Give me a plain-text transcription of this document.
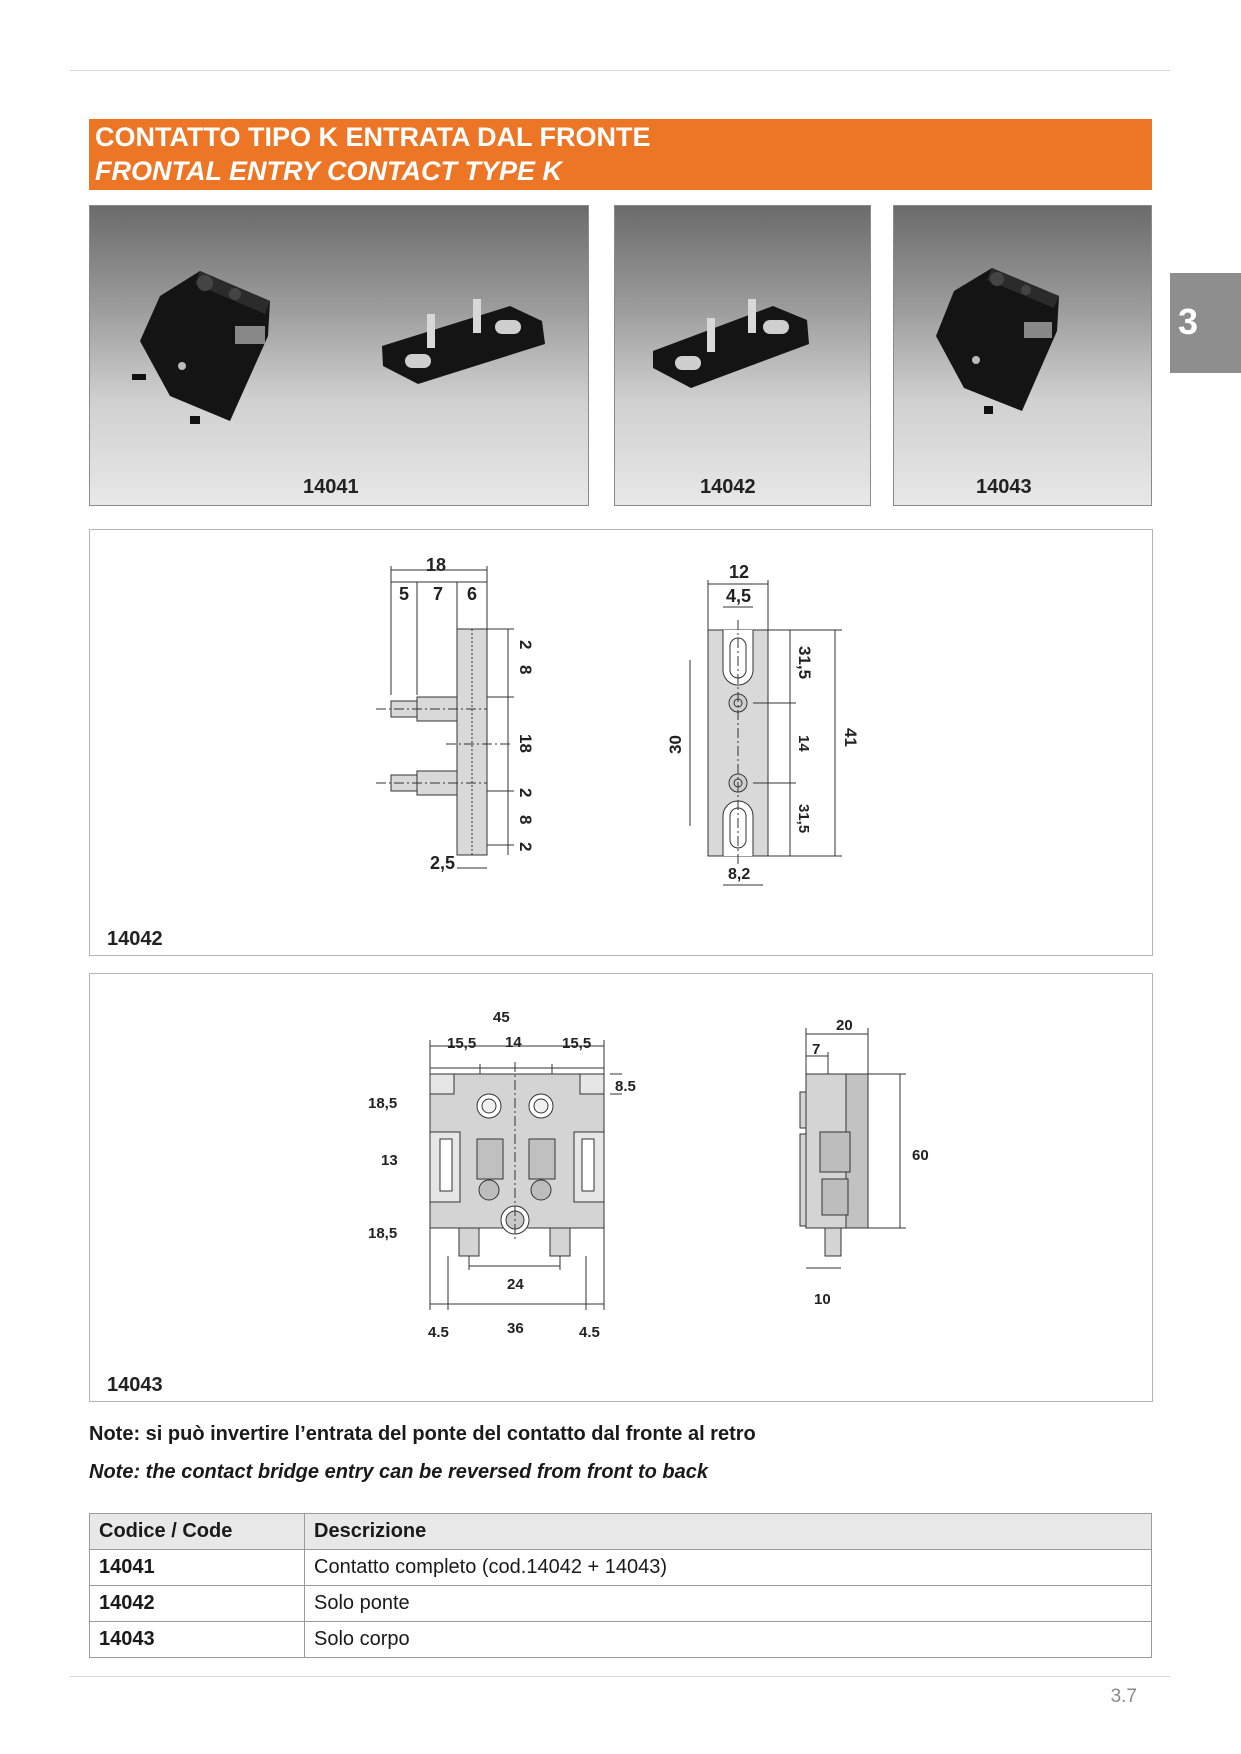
CONTATTO TIPO K ENTRATA DAL FRONTE
FRONTAL ENTRY CONTACT TYPE K
3
14041	14042	14043
18
5 7 6
2
8
18
2
8
2
2,5
12
4,5
31,5
30	14 41
31,5
8,2
14042
45
15,5 14	15,5
8.5
18,5
13
18,5
24
4.5	36	4.5
20
7
60
10
14043
Note: si può invertire l’entrata del ponte del contatto dal fronte al retro
Note: the contact bridge entry can be reversed from front to back
Codice / Code	Descrizione
14041	Contatto completo (cod.14042 + 14043)
14042	Solo ponte
14043	Solo corpo
3.7
